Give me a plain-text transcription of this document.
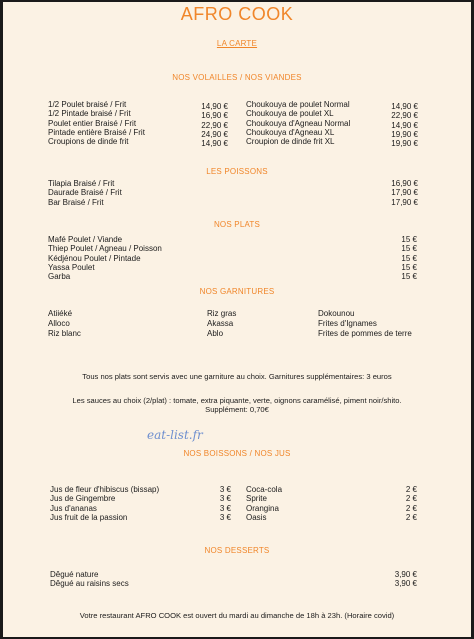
AFRO COOK
LA CARTE
NOS VOLAILLES / NOS VIANDES
1/2 Poulet braisé / Frit
1/2 Pintade braisé / Frit
Poulet entier Braisé / Frit
Pintade entière Braisé / Frit
Croupions de dinde frit
14,90 €
16,90 €
22,90 €
24,90 €
14,90 €
Choukouya de poulet Normal
Choukouya de poulet XL
Choukouya d'Agneau Normal
Choukouya d'Agneau XL
Croupion de dinde frit XL
14,90 €
22,90 €
14,90 €
19,90 €
19,90 €
LES POISSONS
Tilapia Braisé / Frit
Daurade Braisé / Frit
Bar Braisé / Frit
16,90 €
17,90 €
17,90 €
NOS PLATS
Mafé Poulet / Viande
Thiep Poulet / Agneau / Poisson
Kédjénou Poulet / Pintade
Yassa Poulet
Garba
15 €
15 €
15 €
15 €
15 €
NOS GARNITURES
Atiiéké
Alloco
Riz blanc
Riz gras
Akassa
Ablo
Dokounou
Frites d'Ignames
Frites de pommes de terre
Tous nos plats sont servis avec une garniture au choix. Garnitures supplémentaires: 3 euros
Les sauces au choix (2/plat) : tomate, extra piquante, verte, oignons caramélisé, piment noir/shito.
Supplément: 0,70€
eat-list.fr
NOS BOISSONS / NOS JUS
Jus de fleur d'hibiscus (bissap)
Jus de Gingembre
Jus d'ananas
Jus fruit de la passion
3 €
3 €
3 €
3 €
Coca-cola
Sprite
Orangina
Oasis
2 €
2 €
2 €
2 €
NOS DESSERTS
Dêgué nature
Dêgué au raisins secs
3,90 €
3,90 €
Votre restaurant AFRO COOK est ouvert du mardi au dimanche de 18h à 23h. (Horaire covid)
